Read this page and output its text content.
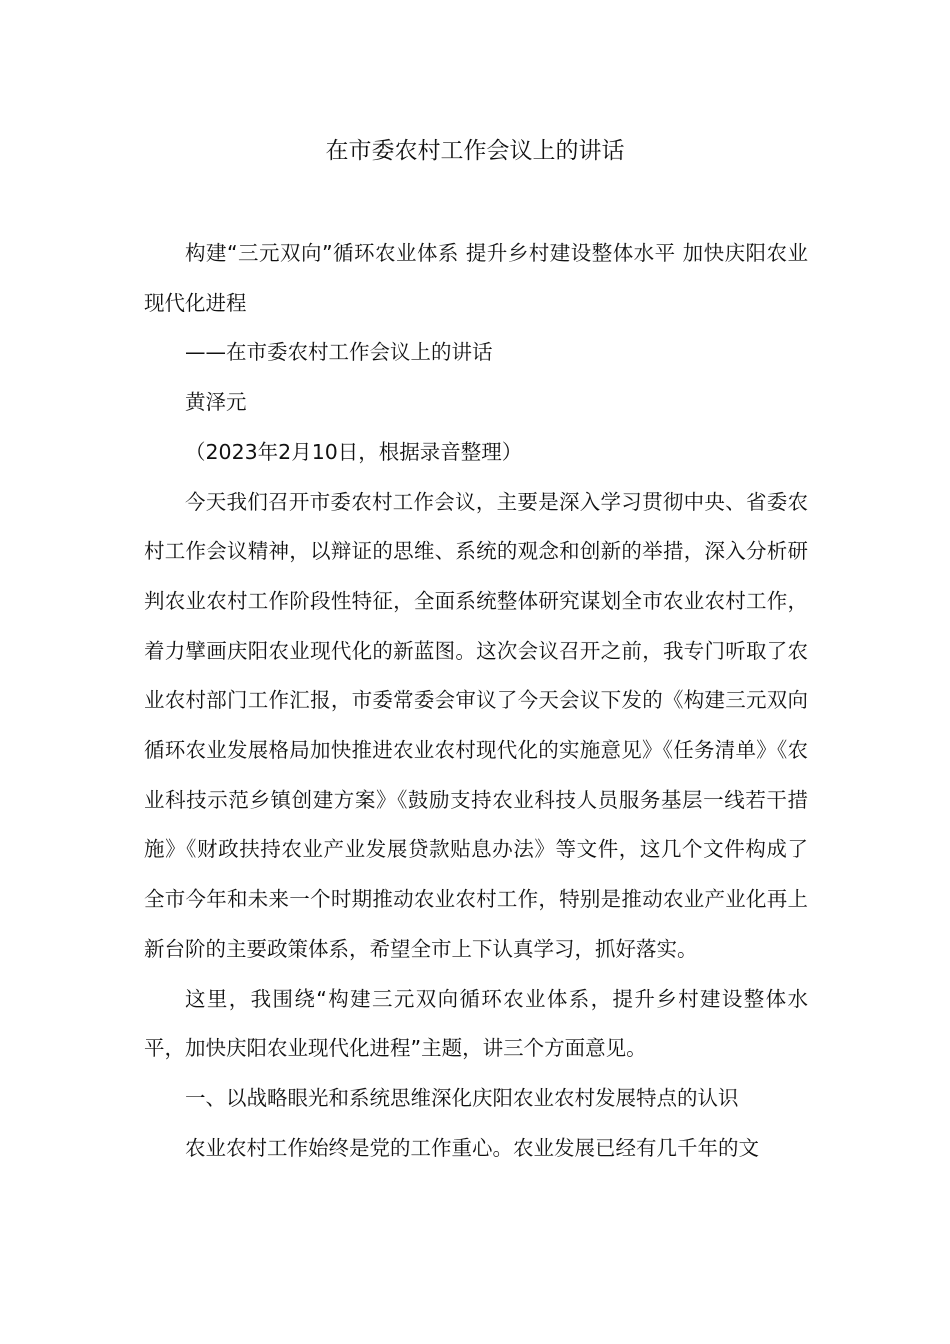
在市委农村工作会议上的讲话

构建“三元双向”循环农业体系 提升乡村建设整体水平 加快庆阳农业现代化进程

——在市委农村工作会议上的讲话

黄泽元

（2023年2月10日，根据录音整理）

今天我们召开市委农村工作会议，主要是深入学习贯彻中央、省委农村工作会议精神，以辩证的思维、系统的观念和创新的举措，深入分析研判农业农村工作阶段性特征，全面系统整体研究谋划全市农业农村工作，着力擘画庆阳农业现代化的新蓝图。这次会议召开之前，我专门听取了农业农村部门工作汇报，市委常委会审议了今天会议下发的《构建三元双向循环农业发展格局加快推进农业农村现代化的实施意见》《任务清单》《农业科技示范乡镇创建方案》《鼓励支持农业科技人员服务基层一线若干措施》《财政扶持农业产业发展贷款贴息办法》等文件，这几个文件构成了全市今年和未来一个时期推动农业农村工作，特别是推动农业产业化再上新台阶的主要政策体系，希望全市上下认真学习，抓好落实。

这里，我围绕“构建三元双向循环农业体系，提升乡村建设整体水平，加快庆阳农业现代化进程”主题，讲三个方面意见。

一、以战略眼光和系统思维深化庆阳农业农村发展特点的认识

农业农村工作始终是党的工作重心。农业发展已经有几千年的文
